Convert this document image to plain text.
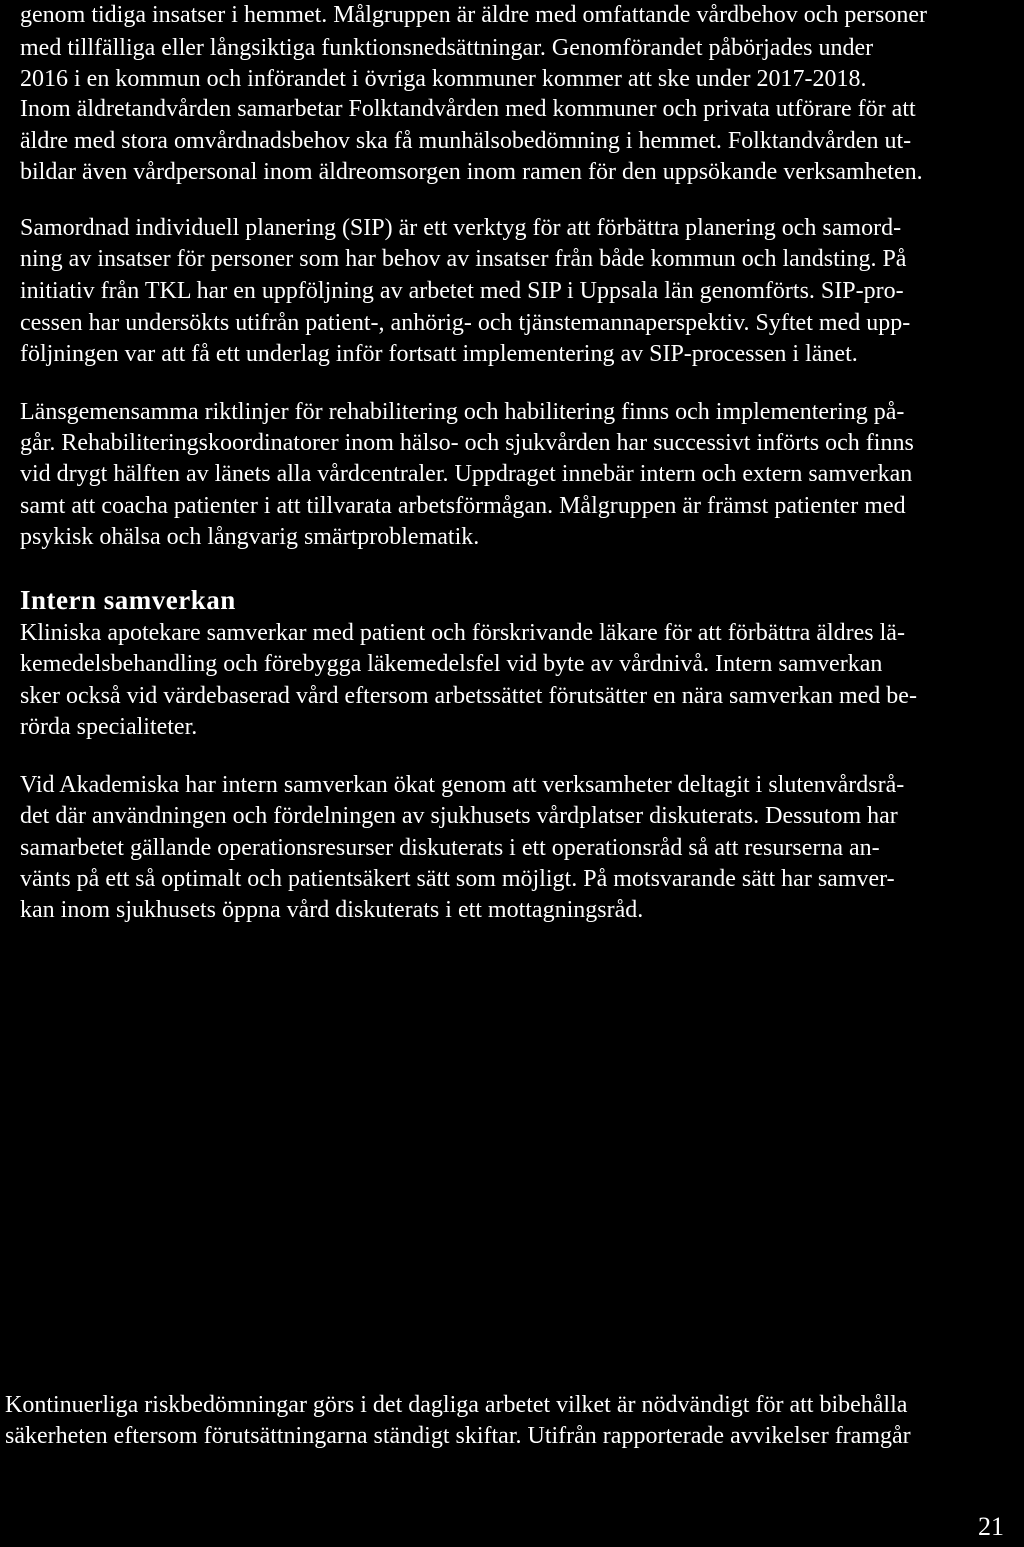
genom tidiga insatser i hemmet. Målgruppen är äldre med omfattande vårdbehov och personer
med tillfälliga eller långsiktiga funktionsnedsättningar. Genomförandet påbörjades under
2016 i en kommun och införandet i övriga kommuner kommer att ske under 2017-2018.
Inom äldretandvården samarbetar Folktandvården med kommuner och privata utförare för att
äldre med stora omvårdnadsbehov ska få munhälsobedömning i hemmet. Folktandvården ut-
bildar även vårdpersonal inom äldreomsorgen inom ramen för den uppsökande verksamheten.
Samordnad individuell planering (SIP) är ett verktyg för att förbättra planering och samord-
ning av insatser för personer som har behov av insatser från både kommun och landsting. På
initiativ från TKL har en uppföljning av arbetet med SIP i Uppsala län genomförts. SIP-pro-
cessen har undersökts utifrån patient-, anhörig- och tjänstemannaperspektiv. Syftet med upp-
följningen var att få ett underlag inför fortsatt implementering av SIP-processen i länet.
Länsgemensamma riktlinjer för rehabilitering och habilitering finns och implementering på-
går. Rehabiliteringskoordinatorer inom hälso- och sjukvården har successivt införts och finns
vid drygt hälften av länets alla vårdcentraler. Uppdraget innebär intern och extern samverkan
samt att coacha patienter i att tillvarata arbetsförmågan. Målgruppen är främst patienter med
psykisk ohälsa och långvarig smärtproblematik.
Intern samverkan
Kliniska apotekare samverkar med patient och förskrivande läkare för att förbättra äldres lä-
kemedelsbehandling och förebygga läkemedelsfel vid byte av vårdnivå. Intern samverkan
sker också vid värdebaserad vård eftersom arbetssättet förutsätter en nära samverkan med be-
rörda specialiteter.
Vid Akademiska har intern samverkan ökat genom att verksamheter deltagit i slutenvårdsrå-
det där användningen och fördelningen av sjukhusets vårdplatser diskuterats. Dessutom har
samarbetet gällande operationsresurser diskuterats i ett operationsråd så att resurserna an-
vänts på ett så optimalt och patientsäkert sätt som möjligt. På motsvarande sätt har samver-
kan inom sjukhusets öppna vård diskuterats i ett mottagningsråd.
Kontinuerliga riskbedömningar görs i det dagliga arbetet vilket är nödvändigt för att bibehålla
säkerheten eftersom förutsättningarna ständigt skiftar. Utifrån rapporterade avvikelser framgår
21
